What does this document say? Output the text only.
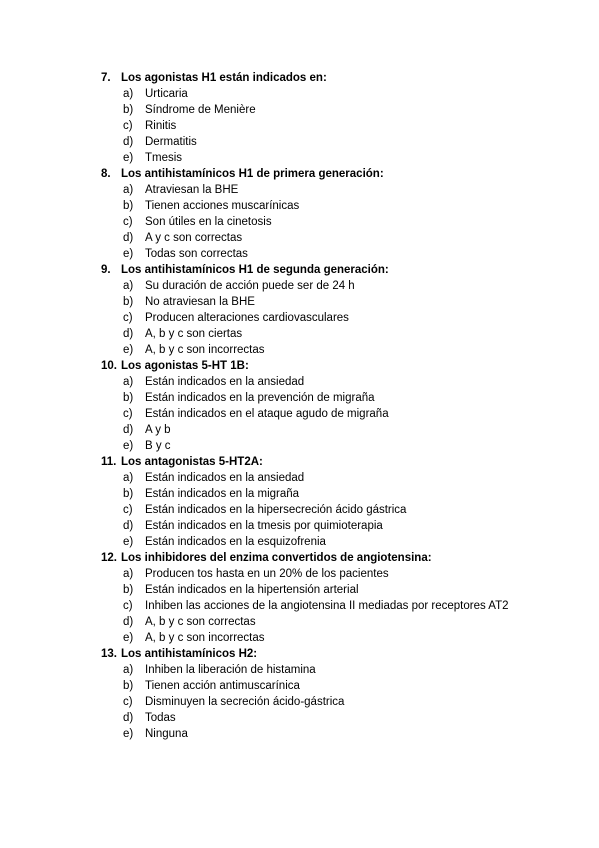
7. Los agonistas H1 están indicados en:
a)	Urticaria
b)	Síndrome de Menière
c)	Rinitis
d)	Dermatitis
e)	Tmesis
8. Los antihistamínicos H1 de primera generación:
a)	Atraviesan la BHE
b)	Tienen acciones muscarínicas
c)	Son útiles en la cinetosis
d)	A y c son correctas
e)	Todas son correctas
9. Los antihistamínicos H1 de segunda generación:
a)	Su duración de acción puede ser de 24 h
b)	No atraviesan la BHE
c)	Producen alteraciones cardiovasculares
d)	A, b y c son ciertas
e)	A, b y c son incorrectas
10. Los agonistas 5-HT 1B:
a)	Están indicados en la ansiedad
b)	Están indicados en la prevención de migraña
c)	Están indicados en el ataque agudo de migraña
d)	A y b
e)	B y c
11. Los antagonistas 5-HT2A:
a)	Están indicados en la ansiedad
b)	Están indicados en la migraña
c)	Están indicados en la hipersecreción ácido gástrica
d)	Están indicados en la tmesis por quimioterapia
e)	Están indicados en la esquizofrenia
12. Los inhibidores del enzima convertidos de angiotensina:
a)	Producen tos hasta en un 20% de los pacientes
b)	Están indicados en la hipertensión arterial
c)	Inhiben las acciones de la angiotensina II mediadas por receptores AT2
d)	A, b y c son correctas
e)	A, b y c son incorrectas
13. Los antihistamínicos H2:
a)	Inhiben la liberación de histamina
b)	Tienen acción antimuscarínica
c)	Disminuyen la secreción ácido-gástrica
d)	Todas
e)	Ninguna
